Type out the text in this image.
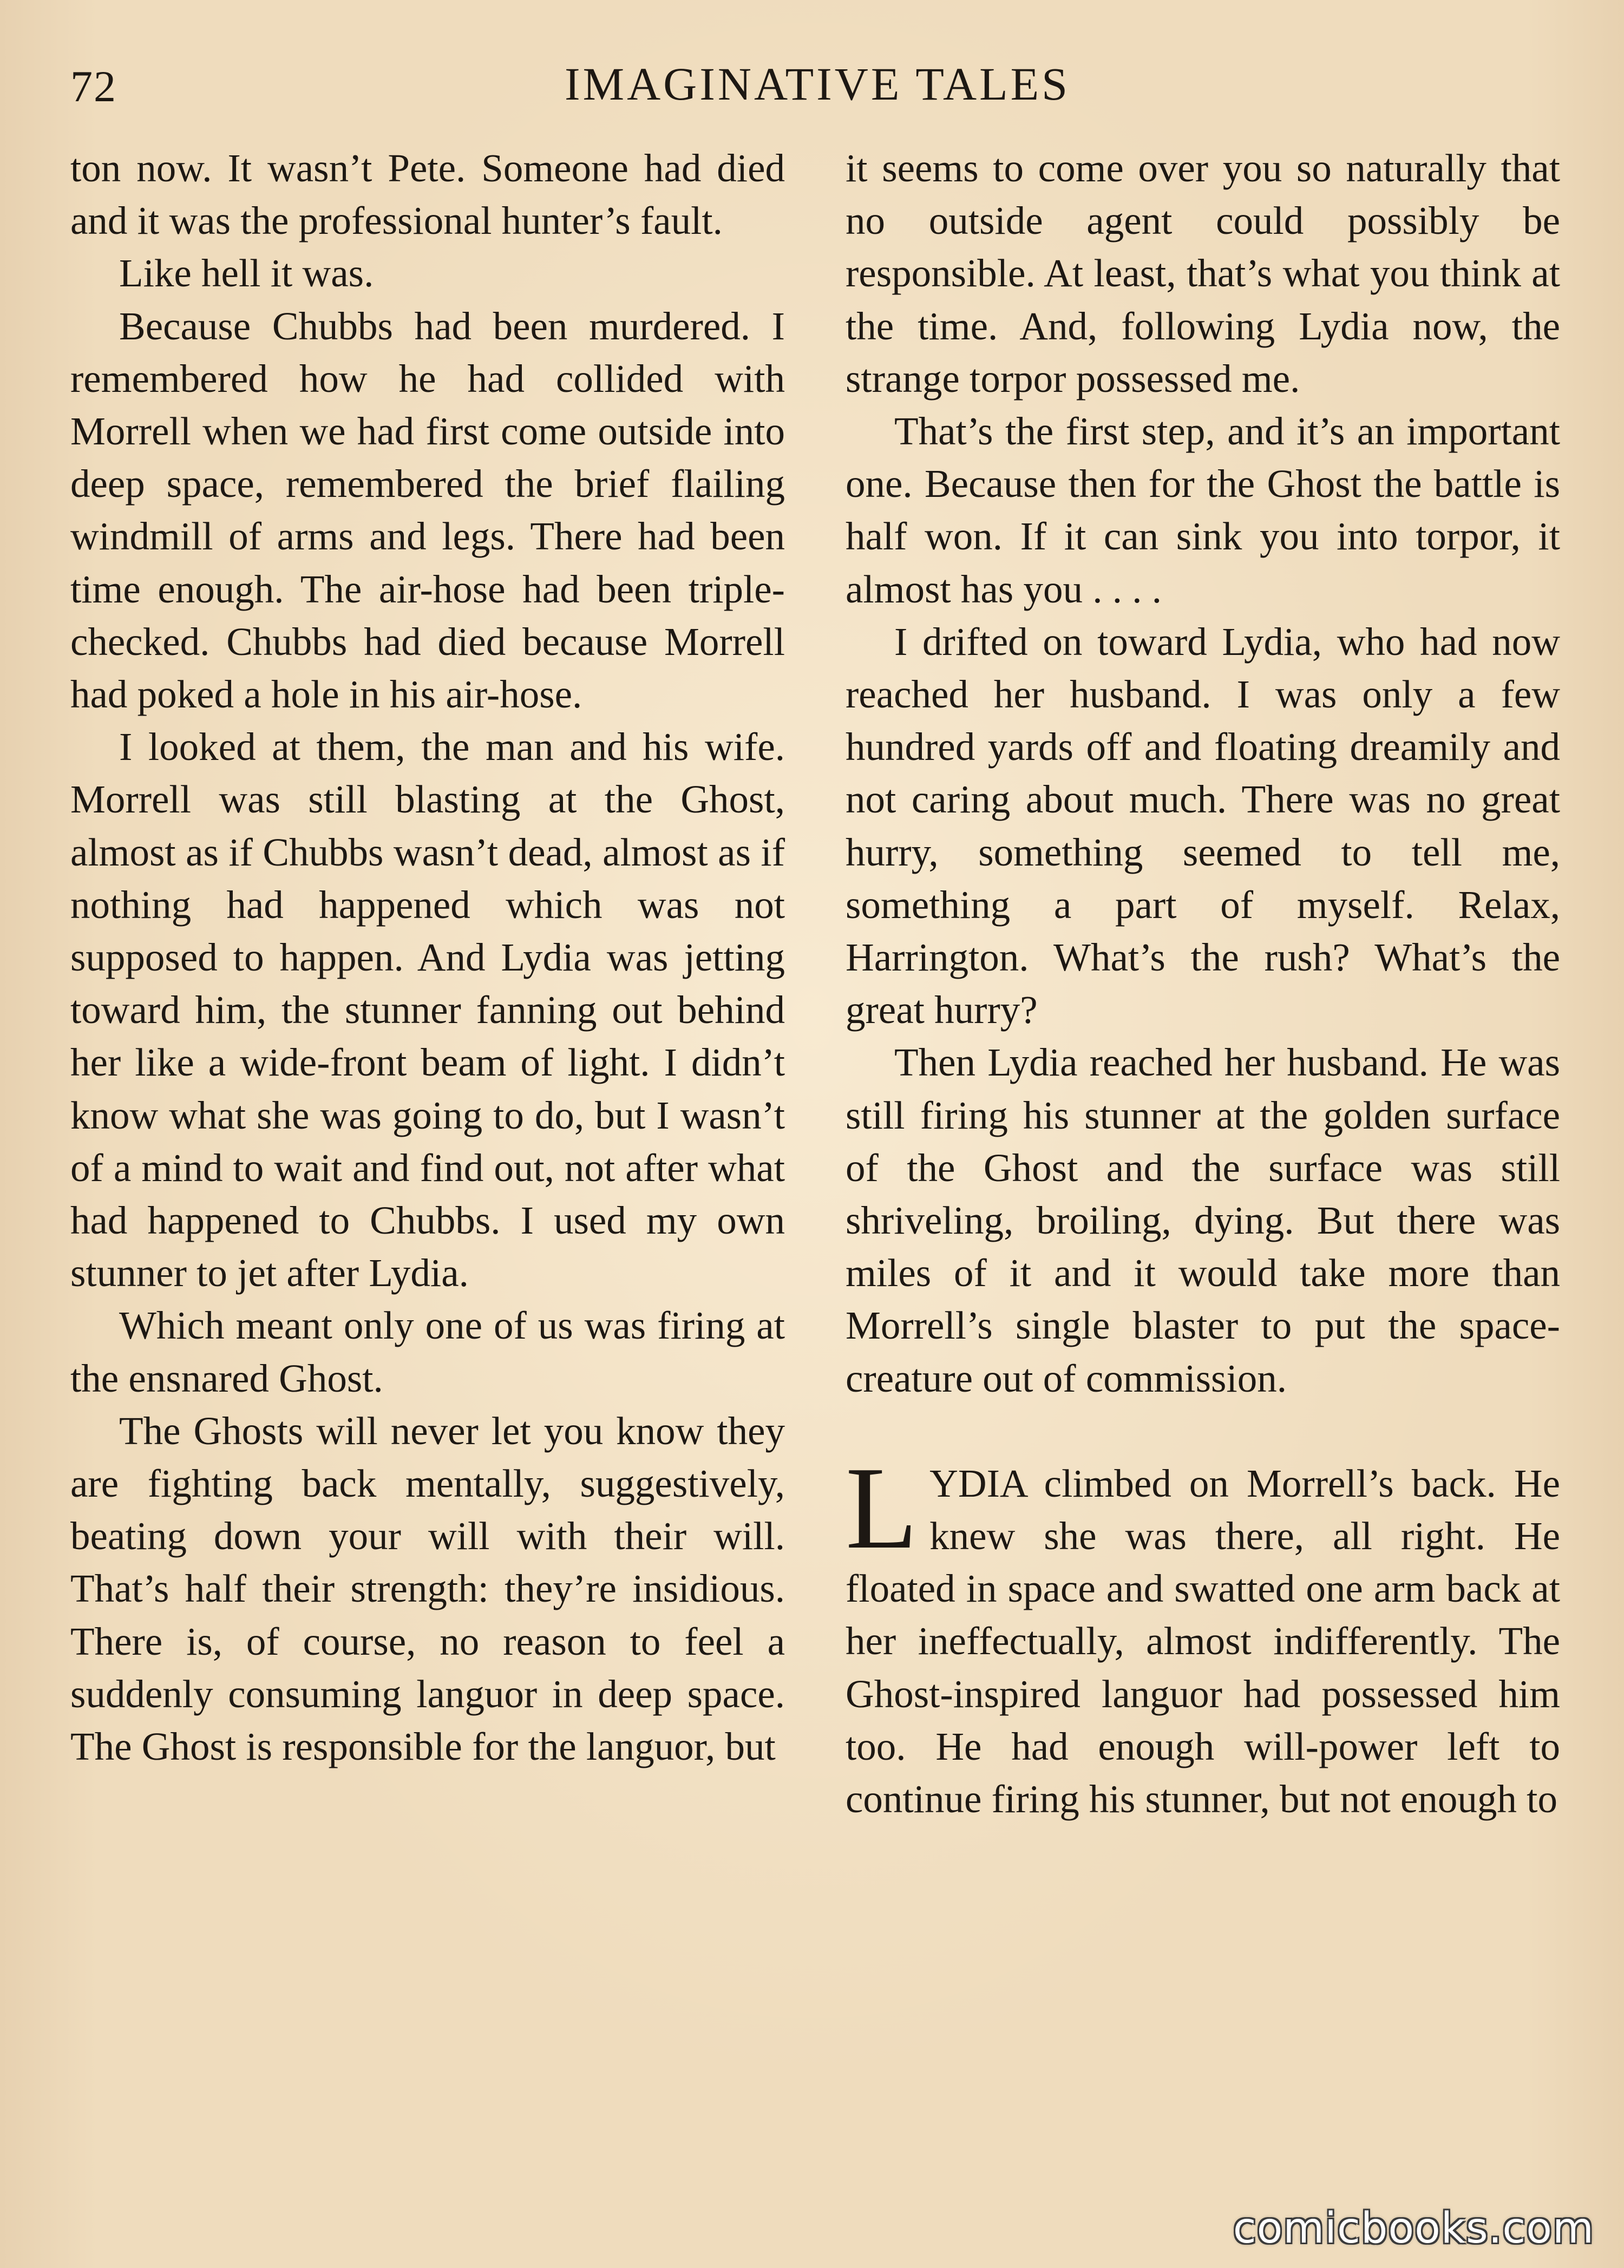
72	IMAGINATIVE TALES

ton now. It wasn’t Pete. Someone had died and it was the professional hunter’s fault.

Like hell it was.

Because Chubbs had been murdered. I remembered how he had collided with Morrell when we had first come outside into deep space, remembered the brief flailing windmill of arms and legs. There had been time enough. The air-hose had been triple-checked. Chubbs had died because Morrell had poked a hole in his air-hose.

I looked at them, the man and his wife. Morrell was still blasting at the Ghost, almost as if Chubbs wasn’t dead, almost as if nothing had happened which was not supposed to happen. And Lydia was jetting toward him, the stunner fanning out behind her like a wide-front beam of light. I didn’t know what she was going to do, but I wasn’t of a mind to wait and find out, not after what had happened to Chubbs. I used my own stunner to jet after Lydia.

Which meant only one of us was firing at the ensnared Ghost.

The Ghosts will never let you know they are fighting back mentally, suggestively, beating down your will with their will. That’s half their strength: they’re insidious. There is, of course, no reason to feel a suddenly consuming languor in deep space. The Ghost is responsible for the languor, but

it seems to come over you so naturally that no outside agent could possibly be responsible. At least, that’s what you think at the time. And, following Lydia now, the strange torpor possessed me.

That’s the first step, and it’s an important one. Because then for the Ghost the battle is half won. If it can sink you into torpor, it almost has you . . . .

I drifted on toward Lydia, who had now reached her husband. I was only a few hundred yards off and floating dreamily and not caring about much. There was no great hurry, something seemed to tell me, something a part of myself. Relax, Harrington. What’s the rush? What’s the great hurry?

Then Lydia reached her husband. He was still firing his stunner at the golden surface of the Ghost and the surface was still shriveling, broiling, dying. But there was miles of it and it would take more than Morrell’s single blaster to put the space-creature out of commission.

LYDIA climbed on Morrell’s back. He knew she was there, all right. He floated in space and swatted one arm back at her ineffectually, almost indifferently. The Ghost-inspired languor had possessed him too. He had enough will-power left to continue firing his stunner, but not enough to

comicbooks.com
